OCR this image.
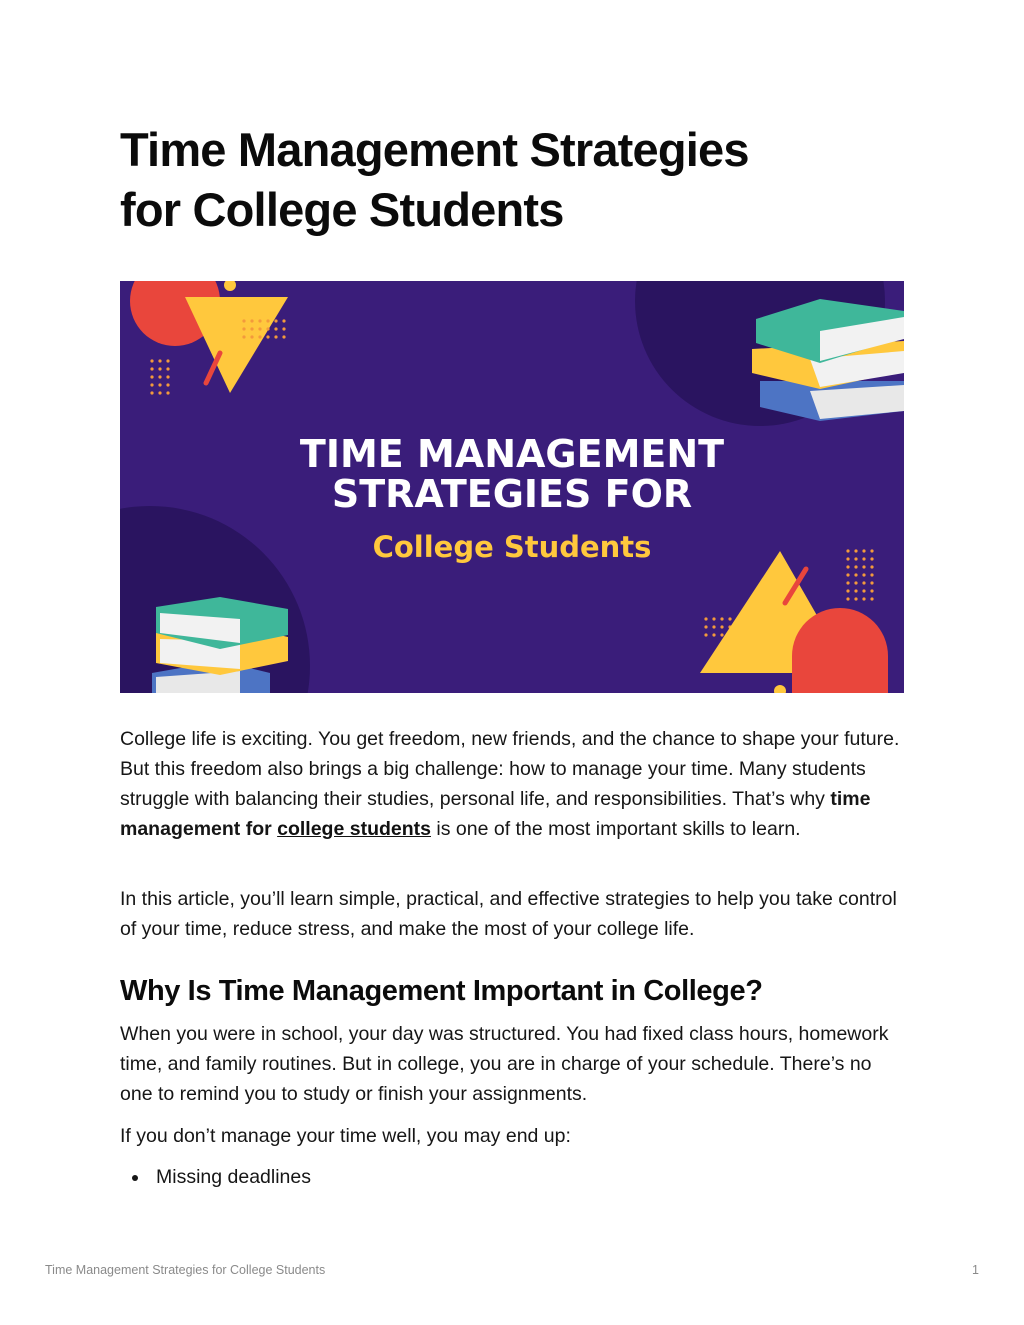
Time Management Strategies
for College Students
TIME MANAGEMENT
STRATEGIES FOR
College Students

College life is exciting. You get freedom, new friends, and the chance to shape your future. But this freedom also brings a big challenge: how to manage your time. Many students struggle with balancing their studies, personal life, and responsibilities. That’s why time management for college students is one of the most important skills to learn.

In this article, you’ll learn simple, practical, and effective strategies to help you take control of your time, reduce stress, and make the most of your college life.

Why Is Time Management Important in College?

When you were in school, your day was structured. You had fixed class hours, homework time, and family routines. But in college, you are in charge of your schedule. There’s no one to remind you to study or finish your assignments.

If you don’t manage your time well, you may end up:

Missing deadlines
Time Management Strategies for College Students	1
